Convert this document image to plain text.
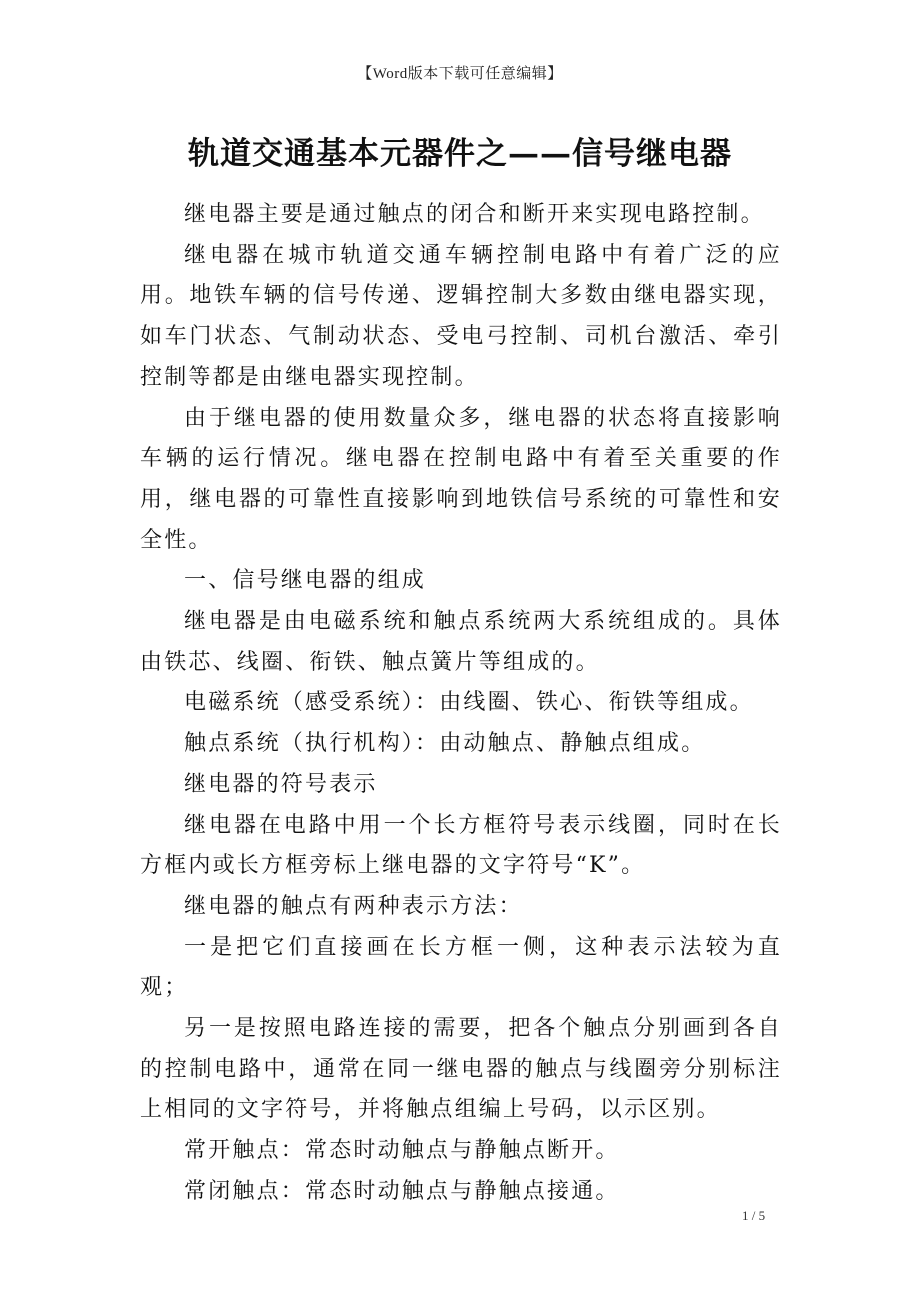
【Word版本下载可任意编辑】
轨道交通基本元器件之——信号继电器

继电器主要是通过触点的闭合和断开来实现电路控制。

继电器在城市轨道交通车辆控制电路中有着广泛的应用。地铁车辆的信号传递、逻辑控制大多数由继电器实现，如车门状态、气制动状态、受电弓控制、司机台激活、牵引控制等都是由继电器实现控制。

由于继电器的使用数量众多，继电器的状态将直接影响车辆的运行情况。继电器在控制电路中有着至关重要的作用，继电器的可靠性直接影响到地铁信号系统的可靠性和安全性。

一、信号继电器的组成

继电器是由电磁系统和触点系统两大系统组成的。具体由铁芯、线圈、衔铁、触点簧片等组成的。

电磁系统（感受系统）：由线圈、铁心、衔铁等组成。

触点系统（执行机构）：由动触点、静触点组成。

继电器的符号表示

继电器在电路中用一个长方框符号表示线圈，同时在长方框内或长方框旁标上继电器的文字符号“K”。

继电器的触点有两种表示方法：

一是把它们直接画在长方框一侧，这种表示法较为直观；

另一是按照电路连接的需要，把各个触点分别画到各自的控制电路中，通常在同一继电器的触点与线圈旁分别标注上相同的文字符号，并将触点组编上号码，以示区别。

常开触点：常态时动触点与静触点断开。

常闭触点：常态时动触点与静触点接通。

1 / 5
